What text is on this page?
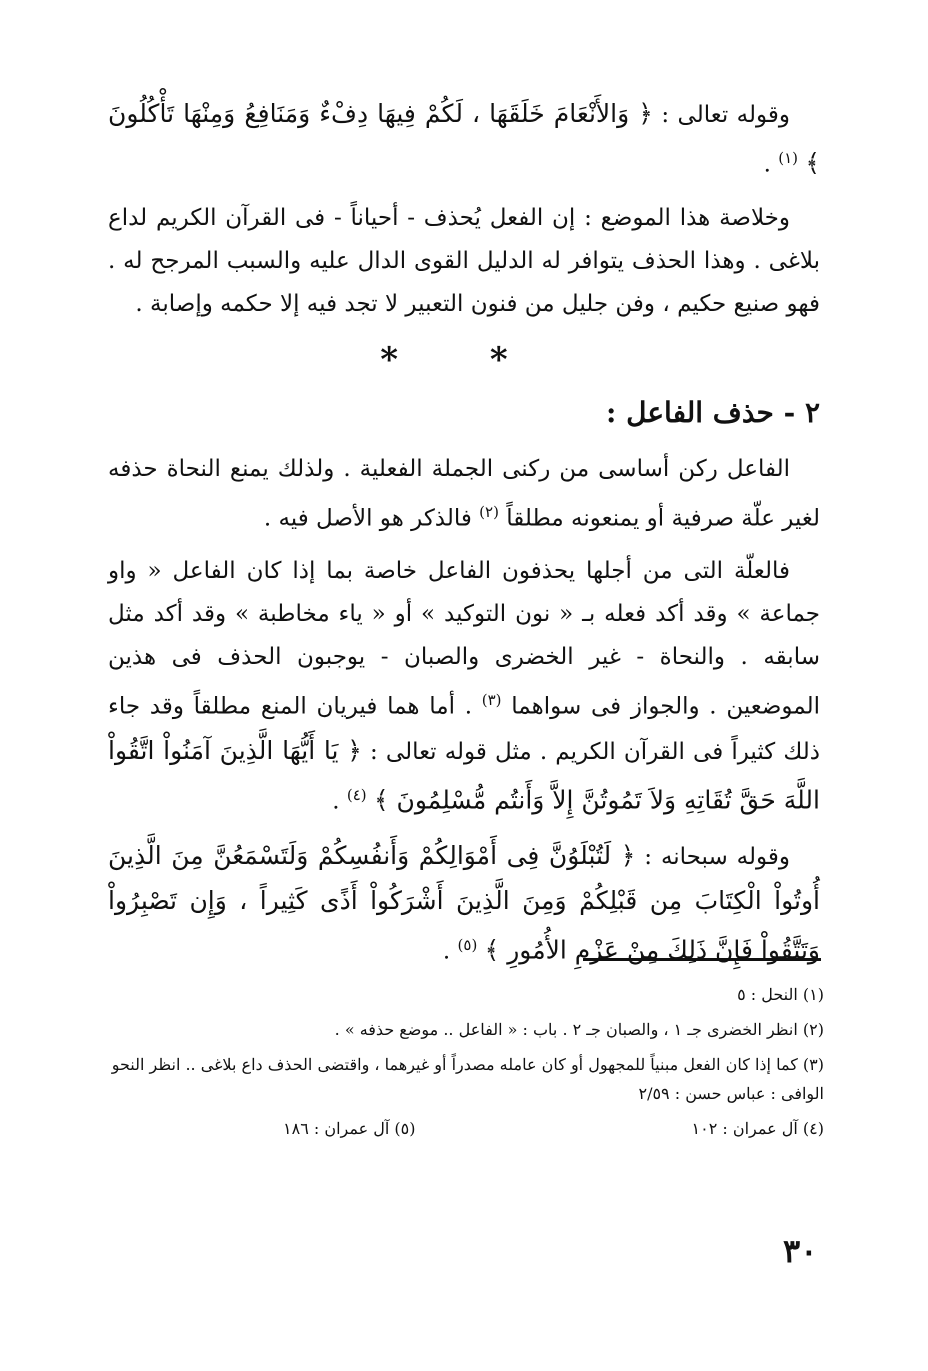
وقوله تعالى : ﴿ وَالأَنْعَامَ خَلَقَهَا ، لَكُمْ فِيهَا دِفْءٌ وَمَنَافِعُ وَمِنْهَا تَأْكُلُونَ ﴾ $^{(١)}$ .

وخلاصة هذا الموضع : إن الفعل يُحذف - أحياناً - فى القرآن الكريم لداع بلاغى . وهذا الحذف يتوافر له الدليل القوى الدال عليه والسبب المرجح له . فهو صنيع حكيم ، وفن جليل من فنون التعبير لا تجد فيه إلا حكمه وإصابة .

* *
٢ - حذف الفاعل :

الفاعل ركن أساسى من ركنى الجملة الفعلية . ولذلك يمنع النحاة حذفه لغير علّة صرفية أو يمنعونه مطلقاً $^{(٢)}$ فالذكر هو الأصل فيه .

فالعلّة التى من أجلها يحذفون الفاعل خاصة بما إذا كان الفاعل « واو جماعة » وقد أكد فعله بـ « نون التوكيد » أو « ياء مخاطبة » وقد أكد مثل سابقه . والنحاة - غير الخضرى والصبان - يوجبون الحذف فى هذين الموضعين . والجواز فى سواهما $^{(٣)}$ . أما هما فيريان المنع مطلقاً وقد جاء ذلك كثيراً فى القرآن الكريم . مثل قوله تعالى : ﴿ يَا أَيُّهَا الَّذِينَ آمَنُواْ اتَّقُواْ اللَّهَ حَقَّ تُقَاتِهِ وَلاَ تَمُوتُنَّ إِلاَّ وَأَنتُم مُّسْلِمُونَ ﴾ $^{(٤)}$ .

وقوله سبحانه : ﴿ لَتُبْلَوُنَّ فِى أَمْوَالِكُمْ وَأَنفُسِكُمْ وَلَتَسْمَعُنَّ مِنَ الَّذِينَ أُوتُواْ الْكِتَابَ مِن قَبْلِكُمْ وَمِنَ الَّذِينَ أَشْرَكُواْ أَذًى كَثِيراً ، وَإِن تَصْبِرُواْ وَتَتَّقُواْ فَإِنَّ ذَلِكَ مِنْ عَزْمِ الأُمُورِ ﴾ $^{(٥)}$ .

(١) النحل : ٥

(٢) انظر الخضرى جـ ١ ، والصبان جـ ٢ . باب : « الفاعل .. موضع حذفه » .

(٣) كما إذا كان الفعل مبنياً للمجهول أو كان عامله مصدراً أو غيرهما ، واقتضى الحذف داع بلاغى .. انظر النحو الوافى : عباس حسن : ٢/٥٩

(٤) آل عمران : ١٠٢
(٥) آل عمران : ١٨٦
٣٠
